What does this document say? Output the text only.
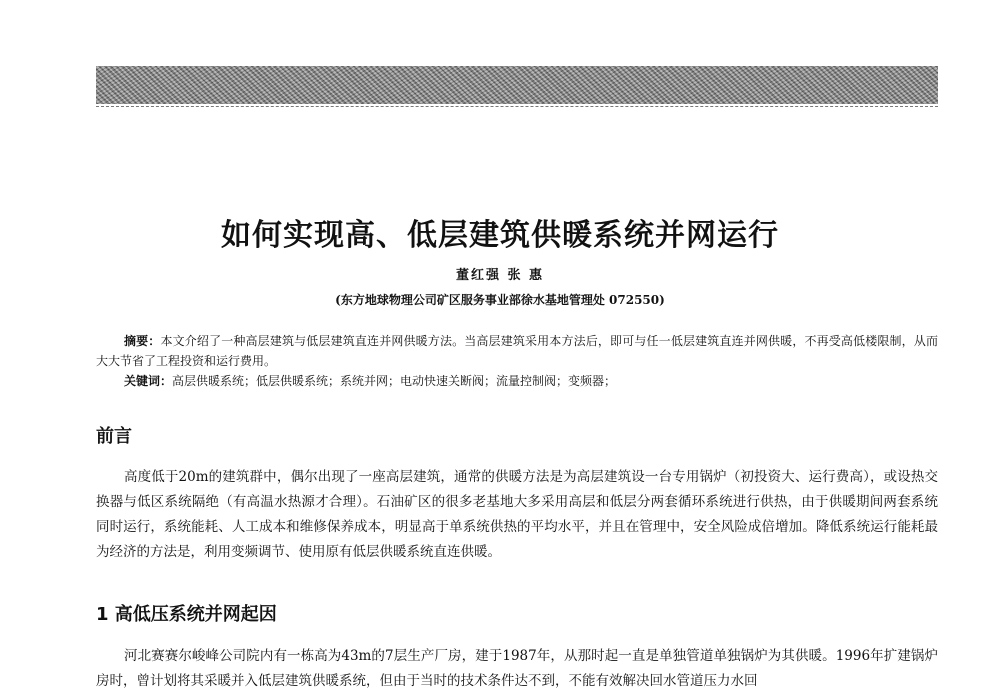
如何实现高、低层建筑供暖系统并网运行
董红强 张 惠
(东方地球物理公司矿区服务事业部徐水基地管理处 072550)
摘要：本文介绍了一种高层建筑与低层建筑直连并网供暖方法。当高层建筑采用本方法后，即可与任一低层建筑直连并网供暖，不再受高低楼限制，从而大大节省了工程投资和运行费用。
关键词：高层供暖系统；低层供暖系统；系统并网；电动快速关断阀；流量控制阀；变频器；
前言
高度低于20m的建筑群中，偶尔出现了一座高层建筑，通常的供暖方法是为高层建筑设一台专用锅炉（初投资大、运行费高），或设热交换器与低区系统隔绝（有高温水热源才合理）。石油矿区的很多老基地大多采用高层和低层分两套循环系统进行供热，由于供暖期间两套系统同时运行，系统能耗、人工成本和维修保养成本，明显高于单系统供热的平均水平，并且在管理中，安全风险成倍增加。降低系统运行能耗最为经济的方法是，利用变频调节、使用原有低层供暖系统直连供暖。
1 高低压系统并网起因
河北赛赛尔峻峰公司院内有一栋高为43m的7层生产厂房，建于1987年，从那时起一直是单独管道单独锅炉为其供暖。1996年扩建锅炉房时，曾计划将其采暖并入低层建筑供暖系统，但由于当时的技术条件达不到，不能有效解决回水管道压力水回
